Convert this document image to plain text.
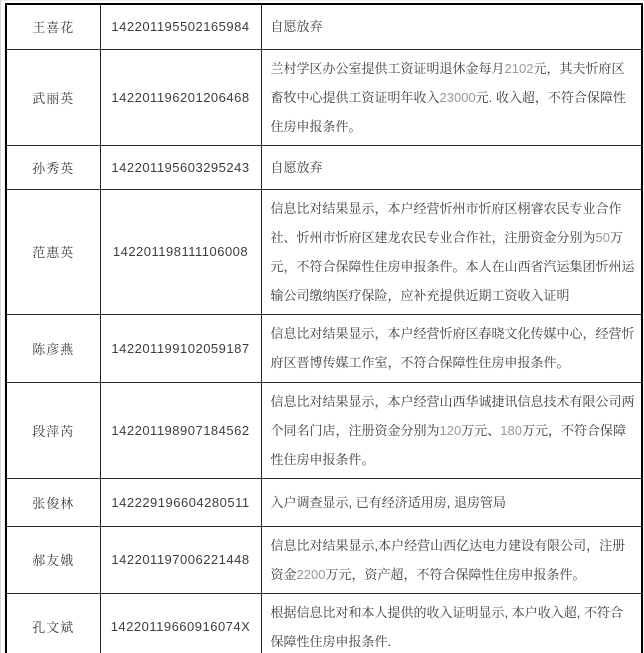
王喜花	142201195502165984	自愿放弃
武丽英	142201196201206468	兰村学区办公室提供工资证明退休金每月2102元，其夫忻府区畜牧中心提供工资证明年收入23000元. 收入超，不符合保障性住房申报条件。
孙秀英	142201195603295243	自愿放弃
范惠英	142201198111106008	信息比对结果显示，本户经营忻州市忻府区栩睿农民专业合作社、忻州市忻府区建龙农民专业合作社，注册资金分别为50万元，不符合保障性住房申报条件。本人在山西省汽运集团忻州运输公司缴纳医疗保险，应补充提供近期工资收入证明
陈彦燕	142201199102059187	信息比对结果显示，本户经营忻府区春晓文化传媒中心，经营忻府区晋博传媒工作室，不符合保障性住房申报条件。
段萍芮	142201198907184562	信息比对结果显示，本户经营山西华诚捷讯信息技术有限公司两个同名门店，注册资金分别为120万元、180万元，不符合保障性住房申报条件。
张俊林	142229196604280511	入户调查显示, 已有经济适用房, 退房管局
郝友娥	142201197006221448	信息比对结果显示,本户经营山西亿达电力建设有限公司，注册资金2200万元，资产超，不符合保障性住房申报条件。
孔文斌	14220119660916074X	根据信息比对和本人提供的收入证明显示, 本户收入超, 不符合保障性住房申报条件.
